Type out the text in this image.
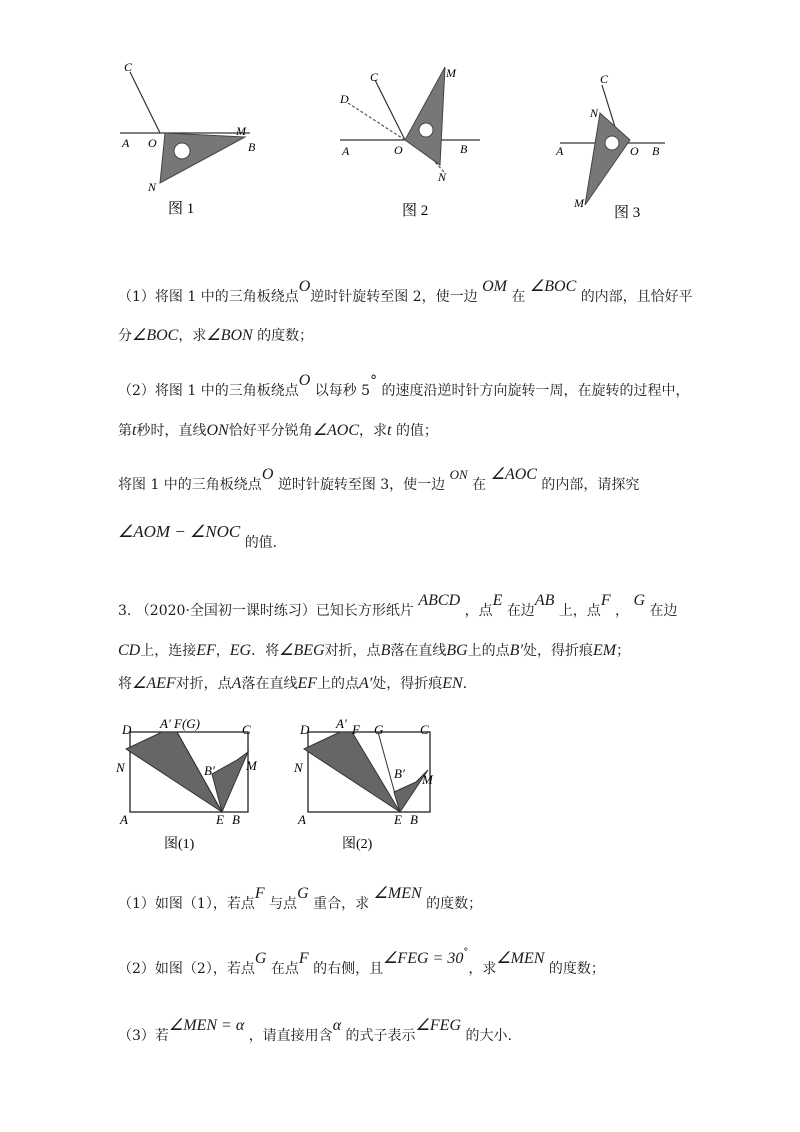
C
A O
M
B
N
图 1
C	M
D
A	O	B
N
图 2
C
N
A	O B
M
图 3
（1）将图 1 中的三角板绕点O逆时针旋转至图 2，使一边 OM 在 ∠BOC 的内部，且恰好平
分∠BOC，求∠BON 的度数；
（2）将图 1 中的三角板绕点O 以每秒 5° 的速度沿逆时针方向旋转一周，在旋转的过程中，
第t秒时，直线ON恰好平分锐角∠AOC，求t 的值；
将图 1 中的三角板绕点O 逆时针旋转至图 3，使一边 ON 在 ∠AOC 的内部，请探究
∠AOM − ∠NOC 的值.
3. （2020·全国初一课时练习）已知长方形纸片 ABCD ，点E 在边AB 上，点F ， G 在边
CD上，连接EF，EG．将∠BEG对折，点B落在直线BG上的点B′处，得折痕EM；
将∠AEF对折，点A落在直线EF上的点A′处，得折痕EN．
D A′ F(G)	C
N	B′ M
A	E B
图(1)
D A′ F G	C
N	B′ M
A	E B
图(2)
（1）如图（1），若点F 与点G 重合，求 ∠MEN 的度数；
（2）如图（2），若点G 在点F 的右侧，且∠FEG = 30°，求∠MEN 的度数；
（3）若∠MEN = α ，请直接用含α 的式子表示∠FEG 的大小.
